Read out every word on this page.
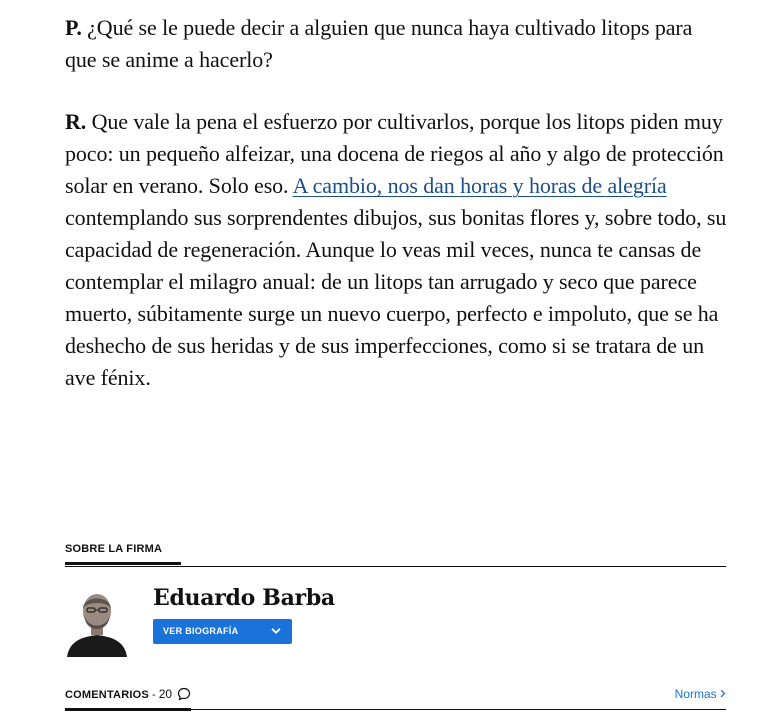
P. ¿Qué se le puede decir a alguien que nunca haya cultivado litops para que se anime a hacerlo?

R. Que vale la pena el esfuerzo por cultivarlos, porque los litops piden muy poco: un pequeño alfeizar, una docena de riegos al año y algo de protección solar en verano. Solo eso. A cambio, nos dan horas y horas de alegría contemplando sus sorprendentes dibujos, sus bonitas flores y, sobre todo, su capacidad de regeneración. Aunque lo veas mil veces, nunca te cansas de contemplar el milagro anual: de un litops tan arrugado y seco que parece muerto, súbitamente surge un nuevo cuerpo, perfecto e impoluto, que se ha deshecho de sus heridas y de sus imperfecciones, como si se tratara de un ave fénix.

SOBRE LA FIRMA
Eduardo Barba
VER BIOGRAFÍA
COMENTARIOS - 20	Normas
